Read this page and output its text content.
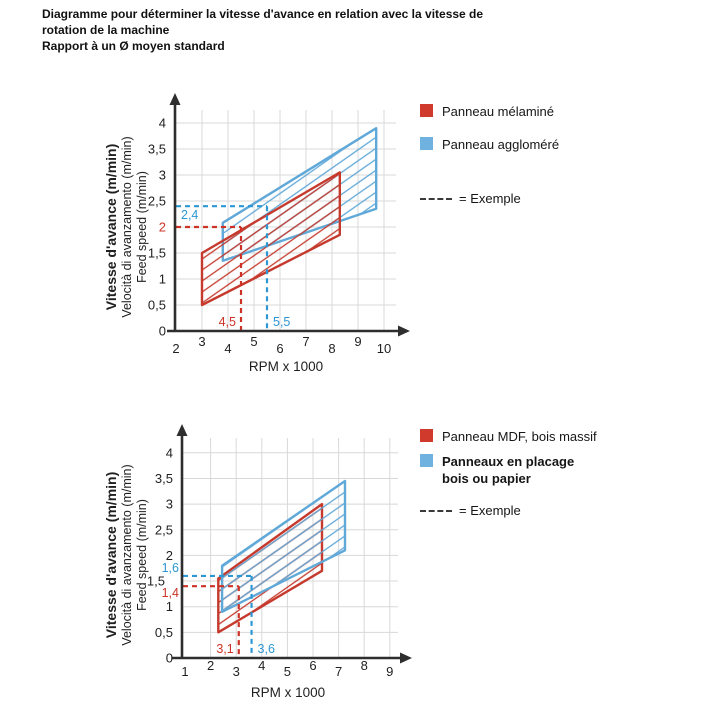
Diagramme pour déterminer la vitesse d'avance en relation avec la vitesse de
rotation de la machine
Rapport à un Ø moyen standard
2 3 4 5 6 7 8 9 10
0
0,5
1
1,5
2
2,5
3
3,5
4
4,5	5,5
2,4
RPM x 1000
Vitesse d'avance (m/min) Velocità di avanzamento (m/min) Feed speed (m/min)
Panneau mélaminé
Panneau aggloméré
= Exemple
1 2 3 4 5 6 7 8 9
0
0,5
1
1,5
2
2,5
3
3,5
4
3,1
1,4
3,6
1,6
RPM x 1000
Vitesse d'avance (m/min) Velocità di avanzamento (m/min) Feed speed (m/min)
Panneau MDF, bois massif
Panneaux en placage
bois ou papier
= Exemple
